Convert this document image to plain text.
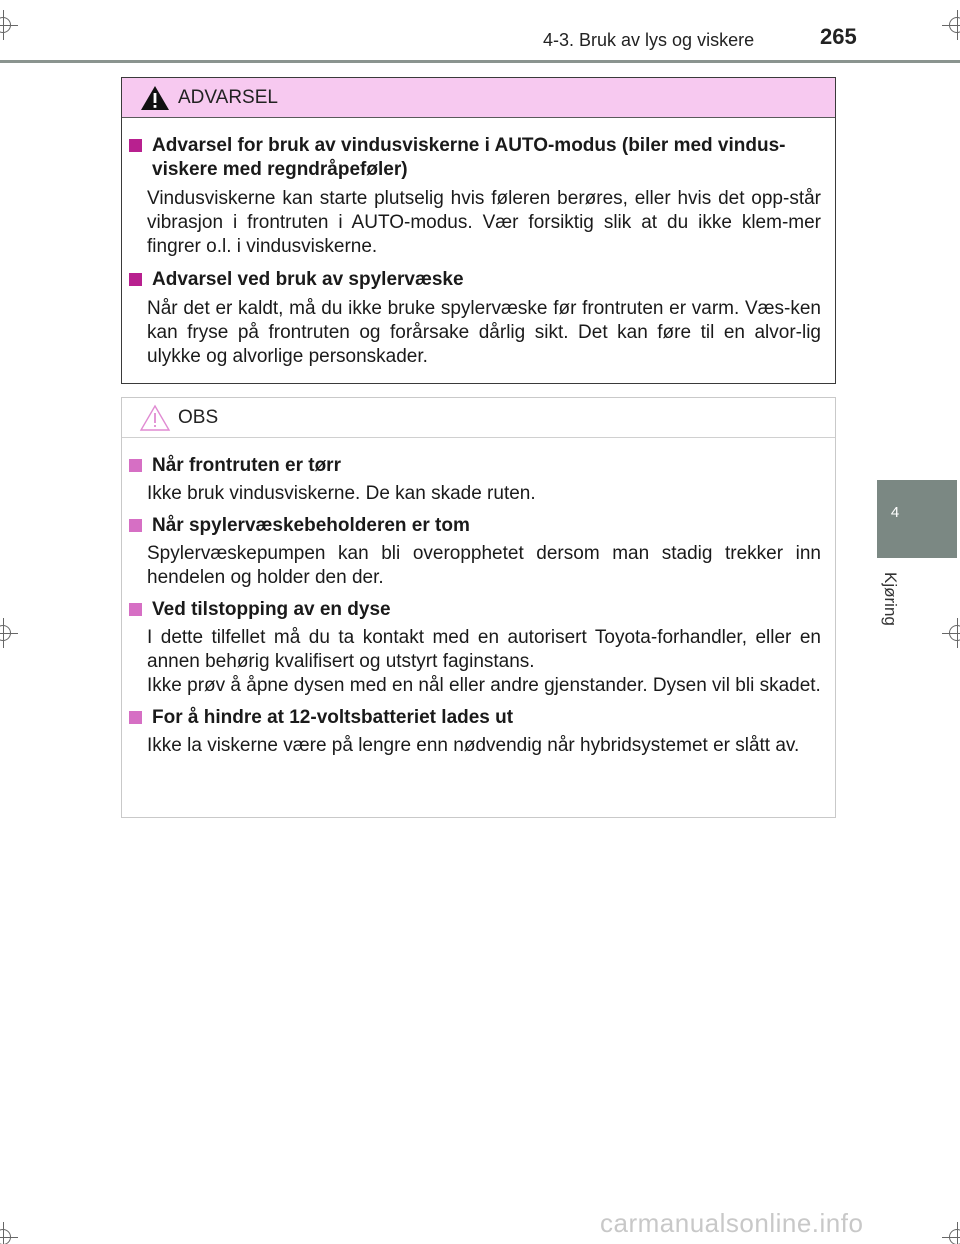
4-3. Bruk av lys og viskere	265
4
Kjøring
ADVARSEL
Advarsel for bruk av vindusviskerne i AUTO-modus (biler med vindus-viskere med regndråpeføler)
Vindusviskerne kan starte plutselig hvis føleren berøres, eller hvis det opp-står vibrasjon i frontruten i AUTO-modus. Vær forsiktig slik at du ikke klem-mer fingrer o.l. i vindusviskerne.
Advarsel ved bruk av spylervæske
Når det er kaldt, må du ikke bruke spylervæske før frontruten er varm. Væs-ken kan fryse på frontruten og forårsake dårlig sikt. Det kan føre til en alvor-lig ulykke og alvorlige personskader.
OBS
Når frontruten er tørr
Ikke bruk vindusviskerne. De kan skade ruten.
Når spylervæskebeholderen er tom
Spylervæskepumpen kan bli overopphetet dersom man stadig trekker inn hendelen og holder den der.
Ved tilstopping av en dyse
I dette tilfellet må du ta kontakt med en autorisert Toyota-forhandler, eller en annen behørig kvalifisert og utstyrt faginstans.
Ikke prøv å åpne dysen med en nål eller andre gjenstander. Dysen vil bli skadet.
For å hindre at 12-voltsbatteriet lades ut
Ikke la viskerne være på lengre enn nødvendig når hybridsystemet er slått av.
carmanualsonline.info
